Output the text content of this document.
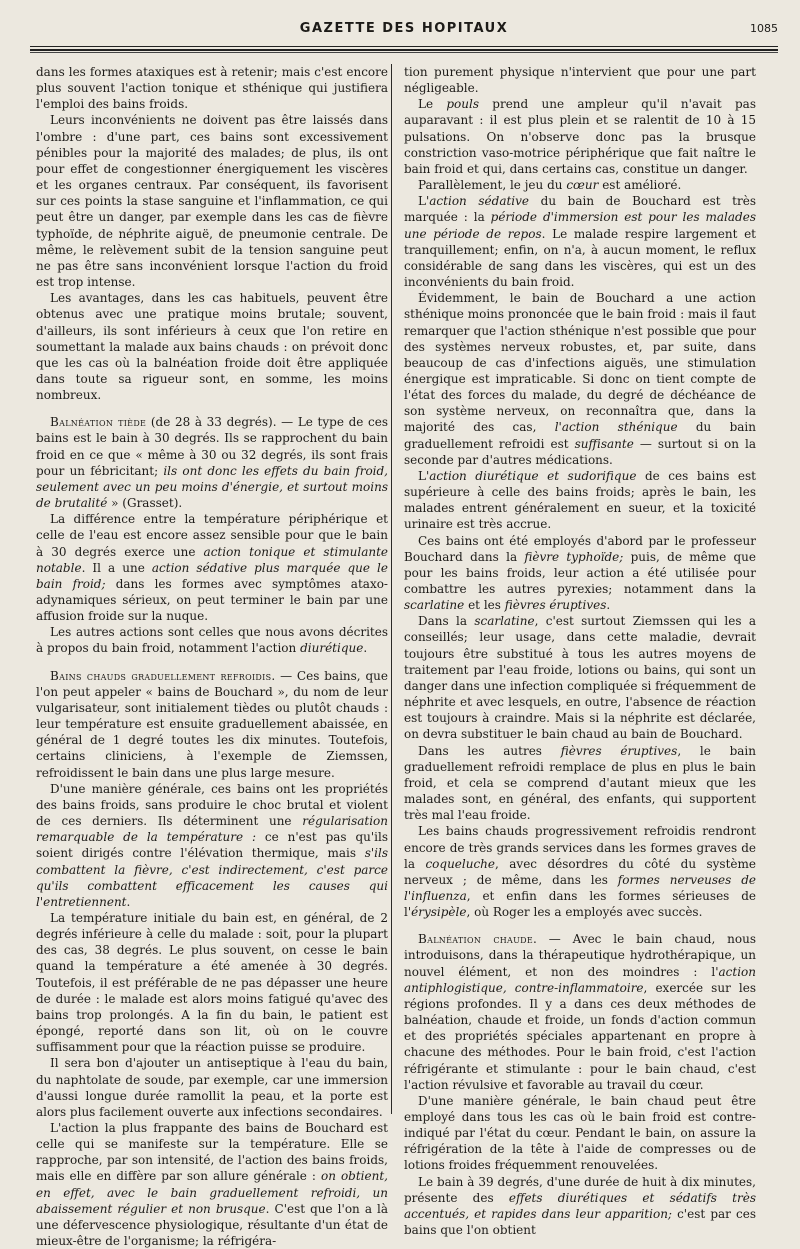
GAZETTE DES HOPITAUX	1085

dans les formes ataxiques est à retenir; mais c'est encore plus souvent l'action tonique et sthénique qui justifiera l'emploi des bains froids.

Leurs inconvénients ne doivent pas être laissés dans l'ombre : d'une part, ces bains sont excessivement pénibles pour la majorité des malades; de plus, ils ont pour effet de congestionner énergiquement les viscères et les organes centraux. Par conséquent, ils favorisent sur ces points la stase sanguine et l'inflammation, ce qui peut être un danger, par exemple dans les cas de fièvre typhoïde, de néphrite aiguë, de pneumonie centrale. De même, le relèvement subit de la tension sanguine peut ne pas être sans inconvénient lorsque l'action du froid est trop intense.

Les avantages, dans les cas habituels, peuvent être obtenus avec une pratique moins brutale; souvent, d'ailleurs, ils sont inférieurs à ceux que l'on retire en soumettant la malade aux bains chauds : on prévoit donc que les cas où la balnéation froide doit être appliquée dans toute sa rigueur sont, en somme, les moins nombreux.

Balnéation tiède (de 28 à 33 degrés). — Le type de ces bains est le bain à 30 degrés. Ils se rapprochent du bain froid en ce que « même à 30 ou 32 degrés, ils sont frais pour un fébricitant; ils ont donc les effets du bain froid, seulement avec un peu moins d'énergie, et surtout moins de brutalité » (Grasset).

La différence entre la température périphérique et celle de l'eau est encore assez sensible pour que le bain à 30 degrés exerce une action tonique et stimulante notable. Il a une action sédative plus marquée que le bain froid; dans les formes avec symptômes ataxo-adynamiques sérieux, on peut terminer le bain par une affusion froide sur la nuque.

Les autres actions sont celles que nous avons décrites à propos du bain froid, notamment l'action diurétique.

Bains chauds graduellement refroidis. — Ces bains, que l'on peut appeler « bains de Bouchard », du nom de leur vulgarisateur, sont initialement tièdes ou plutôt chauds : leur température est ensuite graduellement abaissée, en général de 1 degré toutes les dix minutes. Toutefois, certains cliniciens, à l'exemple de Ziemssen, refroidissent le bain dans une plus large mesure.

D'une manière générale, ces bains ont les propriétés des bains froids, sans produire le choc brutal et violent de ces derniers. Ils déterminent une régularisation remarquable de la température : ce n'est pas qu'ils soient dirigés contre l'élévation thermique, mais s'ils combattent la fièvre, c'est indirectement, c'est parce qu'ils combattent efficacement les causes qui l'entretiennent.

La température initiale du bain est, en général, de 2 degrés inférieure à celle du malade : soit, pour la plupart des cas, 38 degrés. Le plus souvent, on cesse le bain quand la température a été amenée à 30 degrés. Toutefois, il est préférable de ne pas dépasser une heure de durée : le malade est alors moins fatigué qu'avec des bains trop prolongés. A la fin du bain, le patient est épongé, reporté dans son lit, où on le couvre suffisamment pour que la réaction puisse se produire.

Il sera bon d'ajouter un antiseptique à l'eau du bain, du naphtolate de soude, par exemple, car une immersion d'aussi longue durée ramollit la peau, et la porte est alors plus facilement ouverte aux infections secondaires.

L'action la plus frappante des bains de Bouchard est celle qui se manifeste sur la température. Elle se rapproche, par son intensité, de l'action des bains froids, mais elle en diffère par son allure générale : on obtient, en effet, avec le bain graduellement refroidi, un abaissement régulier et non brusque. C'est que l'on a là une défervescence physiologique, résultante d'un état de mieux-être de l'organisme; la réfrigéra-

tion purement physique n'intervient que pour une part négligeable.

Le pouls prend une ampleur qu'il n'avait pas auparavant : il est plus plein et se ralentit de 10 à 15 pulsations. On n'observe donc pas la brusque constriction vaso-motrice périphérique que fait naître le bain froid et qui, dans certains cas, constitue un danger.

Parallèlement, le jeu du cœur est amélioré.

L'action sédative du bain de Bouchard est très marquée : la période d'immersion est pour les malades une période de repos. Le malade respire largement et tranquillement; enfin, on n'a, à aucun moment, le reflux considérable de sang dans les viscères, qui est un des inconvénients du bain froid.

Évidemment, le bain de Bouchard a une action sthénique moins prononcée que le bain froid : mais il faut remarquer que l'action sthénique n'est possible que pour des systèmes nerveux robustes, et, par suite, dans beaucoup de cas d'infections aiguës, une stimulation énergique est impraticable. Si donc on tient compte de l'état des forces du malade, du degré de déchéance de son système nerveux, on reconnaîtra que, dans la majorité des cas, l'action sthénique du bain graduellement refroidi est suffisante — surtout si on la seconde par d'autres médications.

L'action diurétique et sudorifique de ces bains est supérieure à celle des bains froids; après le bain, les malades entrent généralement en sueur, et la toxicité urinaire est très accrue.

Ces bains ont été employés d'abord par le professeur Bouchard dans la fièvre typhoïde; puis, de même que pour les bains froids, leur action a été utilisée pour combattre les autres pyrexies; notamment dans la scarlatine et les fièvres éruptives.

Dans la scarlatine, c'est surtout Ziemssen qui les a conseillés; leur usage, dans cette maladie, devrait toujours être substitué à tous les autres moyens de traitement par l'eau froide, lotions ou bains, qui sont un danger dans une infection compliquée si fréquemment de néphrite et avec lesquels, en outre, l'absence de réaction est toujours à craindre. Mais si la néphrite est déclarée, on devra substituer le bain chaud au bain de Bouchard.

Dans les autres fièvres éruptives, le bain graduellement refroidi remplace de plus en plus le bain froid, et cela se comprend d'autant mieux que les malades sont, en général, des enfants, qui supportent très mal l'eau froide.

Les bains chauds progressivement refroidis rendront encore de très grands services dans les formes graves de la coqueluche, avec désordres du côté du système nerveux ; de même, dans les formes nerveuses de l'influenza, et enfin dans les formes sérieuses de l'érysipèle, où Roger les a employés avec succès.

Balnéation chaude. — Avec le bain chaud, nous introduisons, dans la thérapeutique hydrothérapique, un nouvel élément, et non des moindres : l'action antiphlogistique, contre-inflammatoire, exercée sur les régions profondes. Il y a dans ces deux méthodes de balnéation, chaude et froide, un fonds d'action commun et des propriétés spéciales appartenant en propre à chacune des méthodes. Pour le bain froid, c'est l'action réfrigérante et stimulante : pour le bain chaud, c'est l'action révulsive et favorable au travail du cœur.

D'une manière générale, le bain chaud peut être employé dans tous les cas où le bain froid est contre-indiqué par l'état du cœur. Pendant le bain, on assure la réfrigération de la tête à l'aide de compresses ou de lotions froides fréquemment renouvelées.

Le bain à 39 degrés, d'une durée de huit à dix minutes, présente des effets diurétiques et sédatifs très accentués, et rapides dans leur apparition; c'est par ces bains que l'on obtient
